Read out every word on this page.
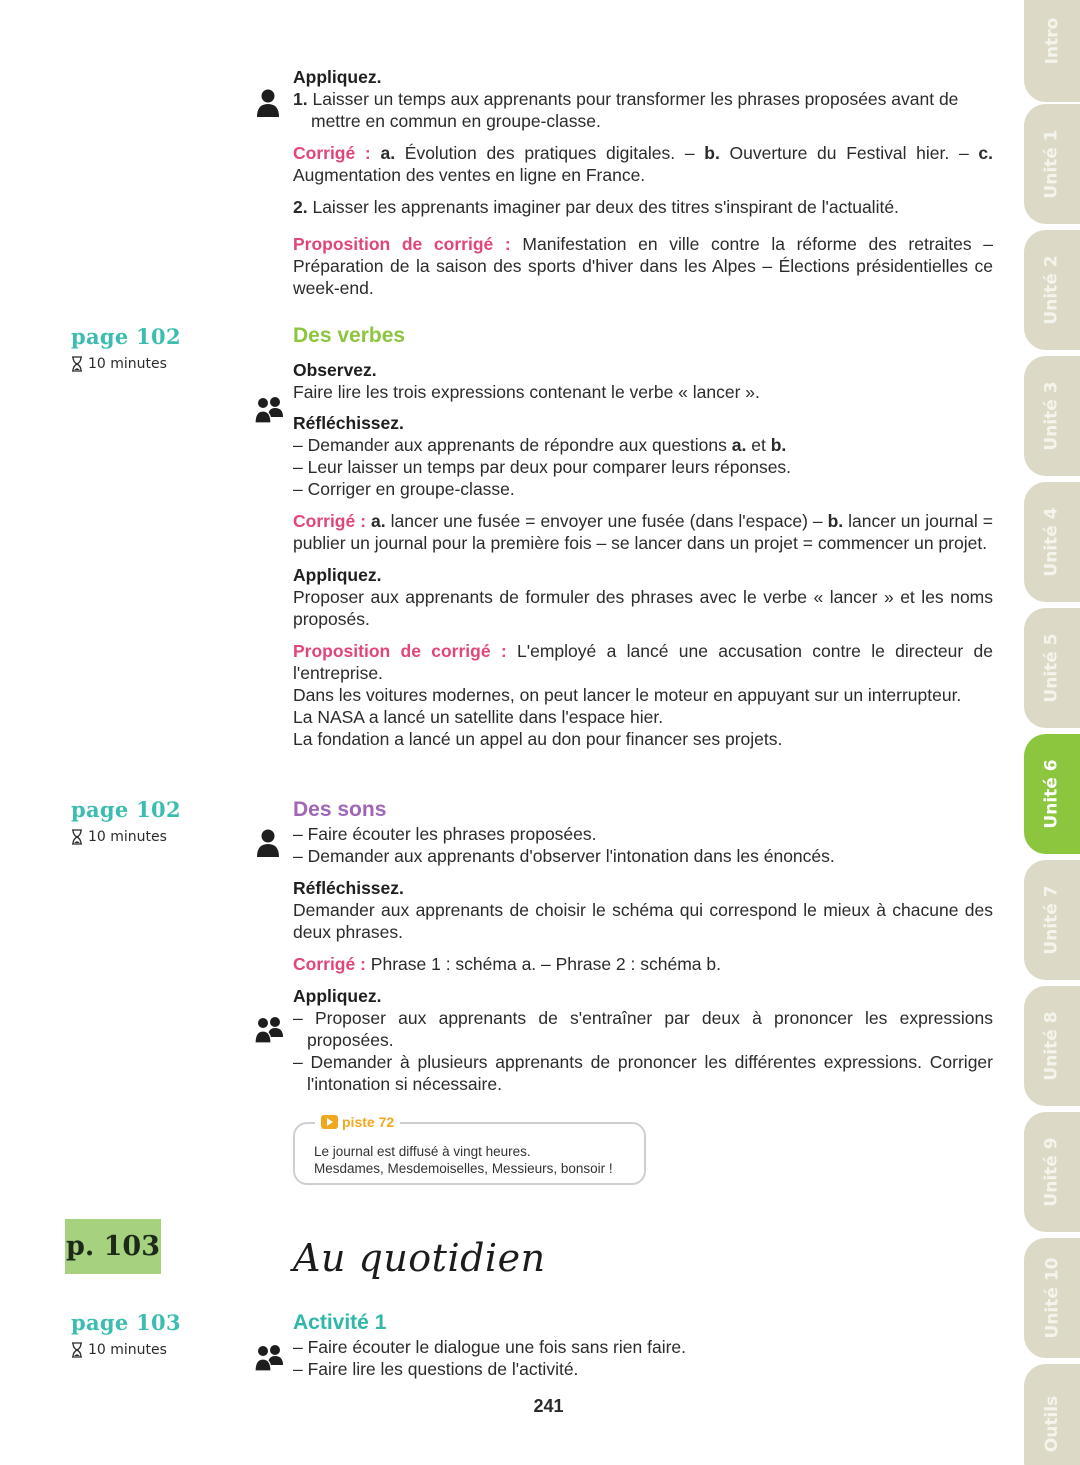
Appliquez.

1. Laisser un temps aux apprenants pour transformer les phrases proposées avant de mettre en commun en groupe-classe.

Corrigé : a. Évolution des pratiques digitales. – b. Ouverture du Festival hier. – c. Augmentation des ventes en ligne en France.

2. Laisser les apprenants imaginer par deux des titres s'inspirant de l'actualité.

Proposition de corrigé : Manifestation en ville contre la réforme des retraites – Préparation de la saison des sports d'hiver dans les Alpes – Élections présidentielles ce week-end.

page 102
10 minutes

Des verbes

Observez.

Faire lire les trois expressions contenant le verbe « lancer ».

Réfléchissez.

– Demander aux apprenants de répondre aux questions a. et b.

– Leur laisser un temps par deux pour comparer leurs réponses.

– Corriger en groupe-classe.

Corrigé : a. lancer une fusée = envoyer une fusée (dans l'espace) – b. lancer un journal = publier un journal pour la première fois – se lancer dans un projet = commencer un projet.

Appliquez.

Proposer aux apprenants de formuler des phrases avec le verbe « lancer » et les noms proposés.

Proposition de corrigé : L'employé a lancé une accusation contre le directeur de l'entreprise.

Dans les voitures modernes, on peut lancer le moteur en appuyant sur un interrupteur.

La NASA a lancé un satellite dans l'espace hier.

La fondation a lancé un appel au don pour financer ses projets.

page 102
10 minutes

Des sons

– Faire écouter les phrases proposées.

– Demander aux apprenants d'observer l'intonation dans les énoncés.

Réfléchissez.

Demander aux apprenants de choisir le schéma qui correspond le mieux à chacune des deux phrases.

Corrigé : Phrase 1 : schéma a. – Phrase 2 : schéma b.

Appliquez.

– Proposer aux apprenants de s'entraîner par deux à prononcer les expressions proposées.

– Demander à plusieurs apprenants de prononcer les différentes expressions. Corriger l'intonation si nécessaire.

piste 72

Le journal est diffusé à vingt heures.

Mesdames, Mesdemoiselles, Messieurs, bonsoir !

p. 103	Au quotidien
page 103
10 minutes

Activité 1

– Faire écouter le dialogue une fois sans rien faire.

– Faire lire les questions de l'activité.

241
Intro
Unité 1
Unité 2
Unité 3
Unité 4
Unité 5
Unité 6
Unité 7
Unité 8
Unité 9
Unité 10
Outils
